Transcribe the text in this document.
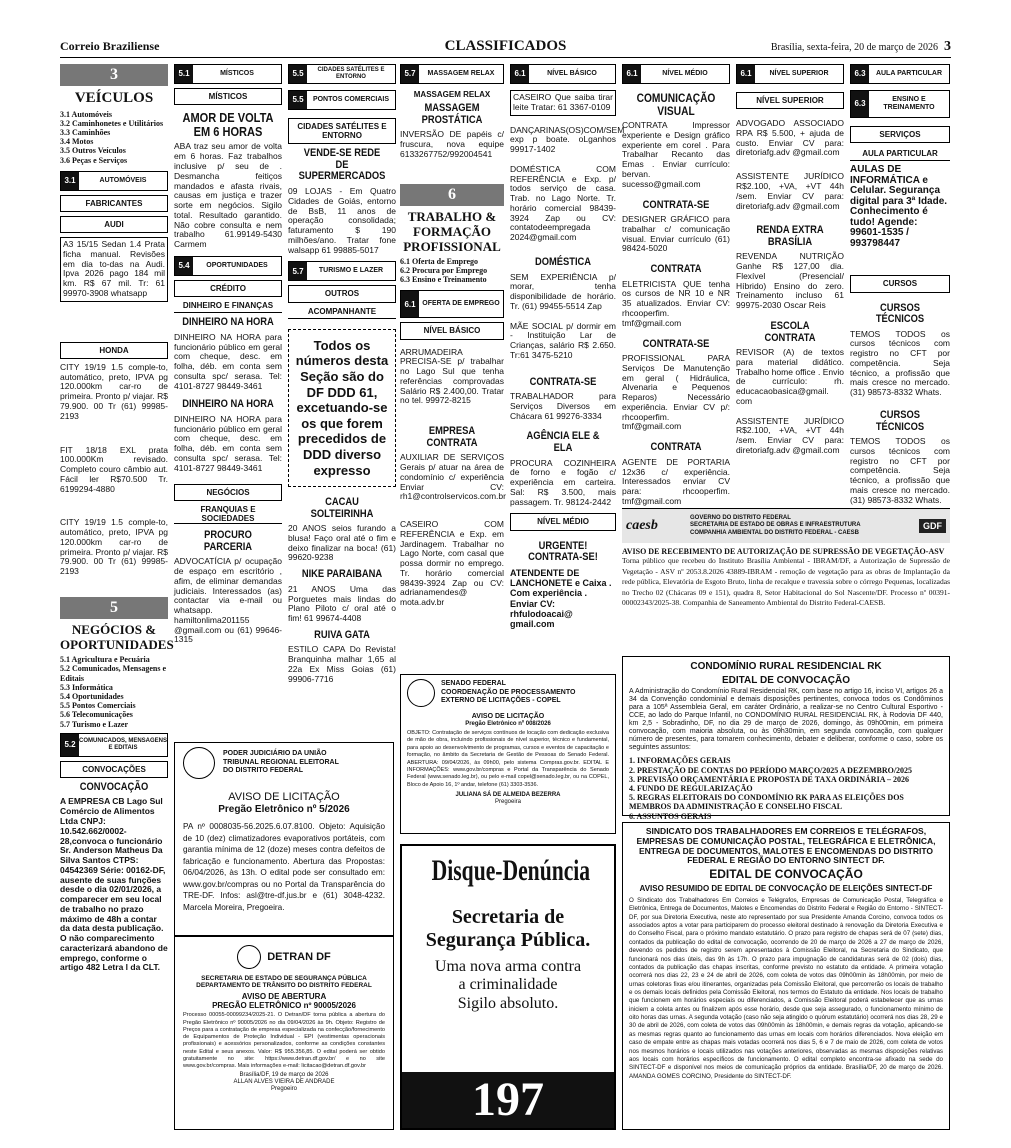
Correio Braziliense	CLASSIFICADOS	Brasília, sexta-feira, 20 de março de 2026 3
3
VEÍCULOS
3.1 Automóveis
3.2 Caminhonetes e Utilitários
3.3 Caminhões
3.4 Motos
3.5 Outros Veículos
3.6 Peças e Serviços
3.1	AUTOMÓVEIS
FABRICANTES
AUDI
A3 15/15 Sedan 1.4 Prata ficha manual. Revisões em dia to-das na Audi. Ipva 2026 pago 184 mil km. R$ 67 mil. Tr: 61 99970-3908 whatsapp
HONDA
CITY 19/19 1.5 comple-to, automático, preto, IPVA pg 120.000km car-ro de primeira. Pronto p/ viajar. R$ 79.900. 00 Tr (61) 99985-2193
FIT 18/18 EXL prata 100.000Km revisado. Completo couro câmbio aut. Fácil ler R$70.500 Tr. 6199294-4880
CITY 19/19 1.5 comple-to, automático, preto, IPVA pg 120.000km car-ro de primeira. Pronto p/ viajar. R$ 79.900. 00 Tr (61) 99985-2193
5
NEGÓCIOS & OPORTUNIDADES
5.1 Agricultura e Pecuária
5.2 Comunicados, Mensagens e Editais
5.3 Informática
5.4 Oportunidades
5.5 Pontos Comerciais
5.6 Telecomunicações
5.7 Turismo e Lazer
5.2 COMUNICADOS, MENSAGENS E EDITAIS
CONVOCAÇÕES
CONVOCAÇÃO
A EMPRESA CB Lago Sul Comércio de Alimentos Ltda CNPJ: 10.542.662/0002-28,convoca o funcionário Sr. Anderson Matheus Da Silva Santos CTPS: 04542369 Série: 00162-DF, ausente de suas funções desde o dia 02/01/2026, a comparecer em seu local de trabalho no prazo máximo de 48h a contar da data desta publicação. O não comparecimento caracterizará abandono de emprego, conforme o artigo 482 Letra l da CLT.
5.1	MÍSTICOS
MÍSTICOS
AMOR DE VOLTA EM 6 HORAS
ABA traz seu amor de volta em 6 horas. Faz trabalhos inclusive p/ seu de . Desmancha feitiços mandados e afasta rivais, causas em justiça e trazer sorte em negócios. Sigilo total. Resultado garantido. Não cobre consulta e nem trabalho 61.99149-5430 Carmem
5.4	OPORTUNIDADES
CRÉDITO
DINHEIRO E FINANÇAS
DINHEIRO NA HORA
DINHEIRO NA HORA para funcionário público em geral com cheque, desc. em folha, déb. em conta sem consulta spc/ serasa. Tel: 4101-8727 98449-3461
DINHEIRO NA HORA
DINHEIRO NA HORA para funcionário público em geral com cheque, desc. em folha, déb. em conta sem consulta spc/ serasa. Tel: 4101-8727 98449-3461
NEGÓCIOS
FRANQUIAS E SOCIEDADES
PROCURO PARCERIA
ADVOCATÍCIA p/ ocupação de espaço em escritório , afim, de eliminar demandas judiciais. Interessados (as) contactar via e-mail ou whatsapp. hamiltonlima201155 @gmail.com ou (61) 99646-1315
5.5	CIDADES SATÉLITES E ENTORNO
5.5	PONTOS COMERCIAIS
CIDADES SATÉLITES E ENTORNO
VENDE-SE REDE DE SUPERMERCADOS
09 LOJAS - Em Quatro Cidades de Goiás, entorno de BsB, 11 anos de operação consolidada; faturamento $ 190 milhões/ano. Tratar fone walsapp 61 99885-5017
5.7	TURISMO E LAZER
OUTROS
ACOMPANHANTE
Todos os números desta Seção são do DF DDD 61, excetuando-se os que forem precedidos de DDD diverso expresso
CACAU SOLTEIRINHA
20 ANOS seios furando a blusa! Faço oral até o fim e deixo finalizar na boca! (61) 99620-9238
NIKE PARAIBANA
21 ANOS Uma das Porguetes mais lindas do Plano Piloto c/ oral até o fim! 61 99674-4408
RUIVA GATA
ESTILO CAPA Do Revista! Branquinha malhar 1,65 al 22a Ex Miss Goias (61) 99906-7716
5.7	MASSAGEM RELAX
MASSAGEM RELAX
MASSAGEM PROSTÁTICA
INVERSÃO DE papéis c/ fruscura, nova equipe 6133267752/992004541
6
TRABALHO & FORMAÇÃO PROFISSIONAL
6.1 Oferta de Emprego
6.2 Procura por Emprego
6.3 Ensino e Treinamento
6.1 OFERTA DE EMPREGO
NÍVEL BÁSICO
ARRUMADEIRA PRECISA-SE p/ trabalhar no Lago Sul que tenha referências comprovadas Salário R$ 2.400,00. Tratar no tel. 99972-8215
EMPRESA CONTRATA
AUXILIAR DE SERVIÇOS Gerais p/ atuar na área de condomínio c/ experiência Enviar CV: rh1@controlservicos.com.br
CASEIRO COM REFERÊNCIA e Exp. em Jardinagem. Trabalhar no Lago Norte, com casal que possa dormir no emprego. Tr. horário comercial 98439-3924 Zap ou CV: adrianamendes@ mota.adv.br
6.1	NÍVEL BÁSICO
CASEIRO Que saiba tirar leite Tratar: 61 3367-0109
DANÇARINAS(OS)COM/SEM exp p boate. oLganhos 99917-1402
DOMÉSTICA COM REFERÊNCIA e Exp. p/ todos serviço de casa. Trab. no Lago Norte. Tr. horário comercial 98439-3924 Zap ou CV: contatodeempregada 2024@gmail.com
DOMÉSTICA
SEM EXPERIÊNCIA p/ morar, tenha disponibilidade de horário. Tr. (61) 99455-5514 Zap
MÃE SOCIAL p/ dormir em - Instituição Lar de Crianças, salário R$ 2.650. Tr:61 3475-5210
CONTRATA-SE
TRABALHADOR para Serviços Diversos em Chácara 61 99276-3334
AGÊNCIA ELE & ELA
PROCURA COZINHEIRA de forno e fogão c/ experiência em carteira. Sal: R$ 3.500, mais passagem. Tr. 98124-2442
NÍVEL MÉDIO
URGENTE!
CONTRATA-SE!
ATENDENTE DE LANCHONETE e Caixa . Com experiência . Enviar CV: rhfulodoacai@ gmail.com
6.1	NÍVEL MÉDIO
COMUNICAÇÃO VISUAL
CONTRATA Impressor experiente e Design gráfico experiente em corel . Para Trabalhar Recanto das Emas . Enviar currículo: bervan. sucesso@gmail.com
CONTRATA-SE
DESIGNER GRÁFICO para trabalhar c/ comunicação visual. Enviar currículo (61) 98424-5020
CONTRATA
ELETRICISTA QUE tenha os cursos de NR 10 e NR 35 atualizados. Enviar CV: rhcooperfim. tmf@gmail.com
CONTRATA-SE
PROFISSIONAL PARA Serviços De Manutenção em geral ( Hidráulica, Alvenaria e Pequenos Reparos) Necessário experiência. Enviar CV p/: rhcooperfim. tmf@gmail.com
CONTRATA
AGENTE DE PORTARIA 12x36 c/ experiência. Interessados enviar CV para: rhcooperfim. tmf@gmail.com
6.1	NÍVEL SUPERIOR
NÍVEL SUPERIOR
ADVOGADO ASSOCIADO RPA R$ 5.500, + ajuda de custo. Enviar CV para: diretoriafg.adv @gmail.com
ASSISTENTE JURÍDICO R$2.100, +VA, +VT 44h /sem. Enviar CV para: diretoriafg.adv @gmail.com
RENDA EXTRA BRASÍLIA
REVENDA NUTRIÇÃO Ganhe R$ 127,00 dia. Flexível (Presencial/ Híbrido) Ensino do zero. Treinamento incluso 61 99975-2030 Oscar Reis
ESCOLA CONTRATA
REVISOR (A) de textos para material didático. Trabalho home office . Envio de currículo: rh. educacaobasica@gmail. com
ASSISTENTE JURÍDICO R$2.100, +VA, +VT 44h /sem. Enviar CV para: diretoriafg.adv @gmail.com
6.3	AULA PARTICULAR
6.3	ENSINO E TREINAMENTO
SERVIÇOS
AULA PARTICULAR
AULAS DE INFORMÁTICA e Celular. Segurança digital para 3ª Idade. Conhecimento é tudo! Agende: 99601-1535 / 993798447
CURSOS
CURSOS TÉCNICOS
TEMOS TODOS os cursos técnicos com registro no CFT por competência. Seja técnico, a profissão que mais cresce no mercado. (31) 98573-8332 Whats.
CURSOS TÉCNICOS
TEMOS TODOS os cursos técnicos com registro no CFT por competência. Seja técnico, a profissão que mais cresce no mercado. (31) 98573-8332 Whats.
caesb	GOVERNO DO DISTRITO FEDERAL
SECRETARIA DE ESTADO DE OBRAS E INFRAESTRUTURA
COMPANHIA AMBIENTAL DO DISTRITO FEDERAL - CAESB
GDF
AVISO DE RECEBIMENTO DE AUTORIZAÇÃO DE SUPRESSÃO DE VEGETAÇÃO-ASV
Torna público que recebeu do Instituto Brasília Ambiental - IBRAM/DF, a Autorização de Supressão de Vegetação - ASV nº 2053.8.2026 43889-IBRAM - remoção de vegetação para as obras de Implantação da rede pública, Elevatória de Esgoto Bruto, linha de recalque e travessia sobre o córrego Pequenas, localizadas no Trecho 02 (Chácaras 09 e 151), quadra 8, Setor Habitacional do Sol Nascente/DF. Processo nº 00391-00002343/2025-38. Companhia de Saneamento Ambiental do Distrito Federal-CAESB.
CONDOMÍNIO RURAL RESIDENCIAL RK
EDITAL DE CONVOCAÇÃO
A Administração do Condomínio Rural Residencial RK, com base no artigo 16, inciso VI, artigos 26 a 34 da Convenção condominial e demais disposições pertinentes, convoca todos os Condôminos para a 105ª Assembleia Geral, em caráter Ordinário, a realizar-se no Centro Cultural Esportivo - CCE, ao lado do Parque Infantil, no CONDOMÍNIO RURAL RESIDENCIAL RK, à Rodovia DF 440, km 2,5 - Sobradinho, DF, no dia 29 de março de 2026, domingo, às 09h00min, em primeira convocação, com maioria absoluta, ou às 09h30min, em segunda convocação, com qualquer número de presentes, para tomarem conhecimento, debater e deliberar, conforme o caso, sobre os seguintes assuntos:
1. INFORMAÇÕES GERAIS
2. PRESTAÇÃO DE CONTAS DO PERÍODO MARÇO/2025 A DEZEMBRO/2025
3. PREVISÃO ORÇAMENTÁRIA E PROPOSTA DE TAXA ORDINÁRIA – 2026
4. FUNDO DE REGULARIZAÇÃO
5. REGRAS ELEITORAIS DO CONDOMÍNIO RK PARA AS ELEIÇÕES DOS MEMBROS DA ADMINISTRAÇÃO E CONSELHO FISCAL
6. ASSUNTOS GERAIS
SINDICATO DOS TRABALHADORES EM CORREIOS E TELÉGRAFOS, EMPRESAS DE COMUNICAÇÃO POSTAL, TELEGRÁFICA E ELETRÔNICA, ENTREGA DE DOCUMENTOS, MALOTES E ENCOMENDAS DO DISTRITO FEDERAL E REGIÃO DO ENTORNO SINTECT DF.
EDITAL DE CONVOCAÇÃO
AVISO RESUMIDO DE EDITAL DE CONVOCAÇÃO DE ELEIÇÕES SINTECT-DF
O Sindicato dos Trabalhadores Em Correios e Telégrafos, Empresas de Comunicação Postal, Telegráfica e Eletrônica, Entrega de Documentos, Malotes e Encomendas do Distrito Federal e Região do Entorno - SINTECT-DF, por sua Diretoria Executiva, neste ato representado por sua Presidente Amanda Corcino, convoca todos os associados aptos a votar para participarem do processo eleitoral destinado à renovação da Diretoria Executiva e do Conselho Fiscal, para o próximo mandato estatutário. O prazo para registro de chapas será de 07 (sete) dias, contados da publicação do edital de convocação, ocorrendo de 20 de março de 2026 a 27 de março de 2026, devendo os pedidos de registro serem apresentados à Comissão Eleitoral, na Secretaria do Sindicato, que funcionará nos dias úteis, das 9h às 17h. O prazo para impugnação de candidaturas será de 02 (dois) dias, contados da publicação das chapas inscritas, conforme previsto no estatuto da entidade. A primeira votação ocorrerá nos dias 22, 23 e 24 de abril de 2026, com coleta de votos das 09h00min às 18h00min, por meio de urnas coletoras fixas e/ou itinerantes, organizadas pela Comissão Eleitoral, que percorrerão os locais de trabalho e os demais locais definidos pela Comissão Eleitoral, nos termos do Estatuto da entidade. Nos locais de trabalho que funcionem em horários especiais ou diferenciados, a Comissão Eleitoral poderá estabelecer que as urnas iniciem a coleta antes ou finalizem após esse horário, desde que seja assegurado, o funcionamento mínimo de oito horas das urnas. A segunda votação (caso não seja atingido o quórum estatutário) ocorrerá nos dias 28, 29 e 30 de abril de 2026, com coleta de votos das 09h00min às 18h00min, e demais regras da votação, aplicando-se as mesmas regras quanto ao funcionamento das urnas em locais com horários diferenciados. Nova eleição em caso de empate entre as chapas mais votadas ocorrerá nos dias 5, 6 e 7 de maio de 2026, com coleta de votos nos mesmos horários e locais utilizados nas votações anteriores, observadas as mesmas disposições relativas aos locais com horários específicos de funcionamento. O edital completo encontra-se afixado na sede do SINTECT-DF e disponível nos meios de comunicação próprios da entidade. Brasília/DF, 20 de março de 2026. AMANDA GOMES CORCINO, Presidente do SINTECT-DF.
SENADO FEDERAL
COORDENAÇÃO DE PROCESSAMENTO
EXTERNO DE LICITAÇÕES - COPEL
AVISO DE LICITAÇÃO
Pregão Eletrônico nº 008/2026
OBJETO: Contratação de serviços contínuos de locação com dedicação exclusiva de mão de obra, incluindo profissionais de nível superior, técnico e fundamental, para apoio ao desenvolvimento de programas, cursos e eventos de capacitação e formação, no âmbito da Secretaria de Gestão de Pessoas do Senado Federal. ABERTURA: 09/04/2026, às 09h00, pelo sistema Compras.gov.br. EDITAL E INFORMAÇÕES: www.gov.br/compras e Portal da Transparência do Senado Federal (www.senado.leg.br), ou pelo e-mail copel@senado.leg.br, ou na COPEL, Bloco de Apoio 16, 1º andar, telefone (61) 3303-3536.
JULIANA SÁ DE ALMEIDA BEZERRA
Pregoeira
PODER JUDICIÁRIO DA UNIÃO
TRIBUNAL REGIONAL ELEITORAL
DO DISTRITO FEDERAL
AVISO DE LICITAÇÃO
Pregão Eletrônico nº 5/2026
PA nº 0008035-56.2025.6.07.8100. Objeto: Aquisição de 10 (dez) climatizadores evaporativos portáteis, com garantia mínima de 12 (doze) meses contra defeitos de fabricação e funcionamento. Abertura das Propostas: 06/04/2026, às 13h. O edital pode ser consultado em: www.gov.br/compras ou no Portal da Transparência do TRE-DF. Infos: asl@tre-df.jus.br e (61) 3048-4232. Marcela Moreira, Pregoeira.
DETRAN DF
SECRETARIA DE ESTADO DE SEGURANÇA PÚBLICA
DEPARTAMENTO DE TRÂNSITO DO DISTRITO FEDERAL
AVISO DE ABERTURA
PREGÃO ELETRÔNICO nº 90005/2026
Processo 00055-00099234/2025-21. O Detran/DF torna pública a abertura do Pregão Eletrônico nº 90005/2026 no dia 09/04/2026 às 9h. Objeto: Registro de Preços para a contratação de empresa especializada na confecção/fornecimento de Equipamentos de Proteção Individual - EPI (vestimentas operacionais profissionais) e acessórios personalizados, conforme as condições constantes neste Edital e seus anexos. Valor: R$ 955.356,85. O edital poderá ser obtido gratuitamente no site: https://www.detran.df.gov.br/ e no site www.gov.br/compras. Mais informações e-mail: licitacao@detran.df.gov.br
Brasília/DF, 19 de março de 2026
ALLAN ALVES VIEIRA DE ANDRADE
Pregoeiro
Disque-Denúncia
Secretaria de
Segurança Pública.
Uma nova arma contra
a criminalidade
Sigilo absoluto.
197
